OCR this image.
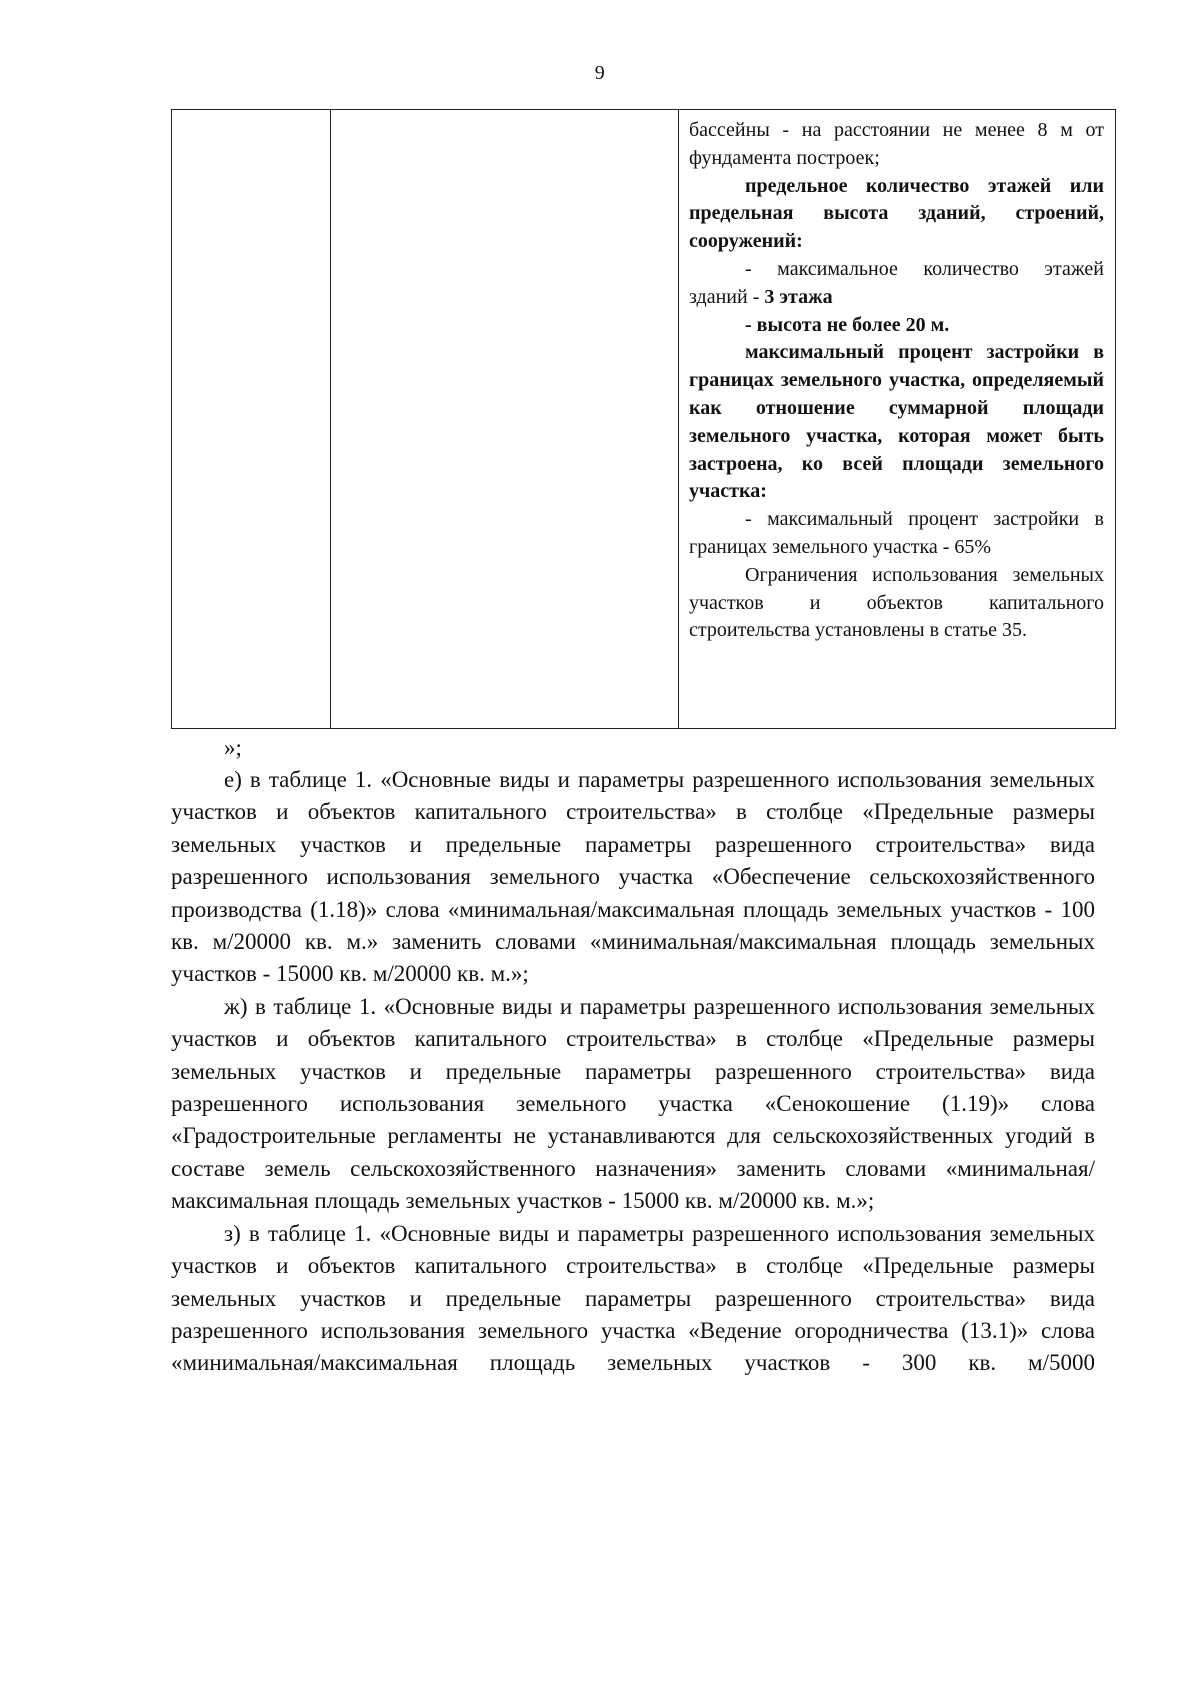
9

бассейны - на расстоянии не менее 8 м от фундамента построек;

предельное количество этажей или предельная высота зданий, строений, сооружений:

- максимальное количество этажей зданий - 3 этажа

- высота не более 20 м.

максимальный процент застройки в границах земельного участка, определяемый как отношение суммарной площади земельного участка, которая может быть застроена, ко всей площади земельного участка:

- максимальный процент застройки в границах земельного участка - 65%

Ограничения использования земельных участков и объектов капитального строительства установлены в статье 35.

»;

е) в таблице 1. «Основные виды и параметры разрешенного использования земельных участков и объектов капитального строительства» в столбце «Предельные размеры земельных участков и предельные параметры разрешенного строительства» вида разрешенного использования земельного участка «Обеспечение сельскохозяйственного производства (1.18)» слова «минимальная/максимальная площадь земельных участков - 100 кв. м/20000 кв. м.» заменить словами «минимальная/максимальная площадь земельных участков - 15000 кв. м/20000 кв. м.»;

ж) в таблице 1. «Основные виды и параметры разрешенного использования земельных участков и объектов капитального строительства» в столбце «Предельные размеры земельных участков и предельные параметры разрешенного строительства» вида разрешенного использования земельного участка «Сенокошение (1.19)» слова «Градостроительные регламенты не устанавливаются для сельскохозяйственных угодий в составе земель сельскохозяйственного назначения» заменить словами «минимальная/максимальная площадь земельных участков - 15000 кв. м/20000 кв. м.»;

з) в таблице 1. «Основные виды и параметры разрешенного использования земельных участков и объектов капитального строительства» в столбце «Предельные размеры земельных участков и предельные параметры разрешенного строительства» вида разрешенного использования земельного участка «Ведение огородничества (13.1)» слова «минимальная/максимальная площадь земельных участков - 300 кв. м/5000
